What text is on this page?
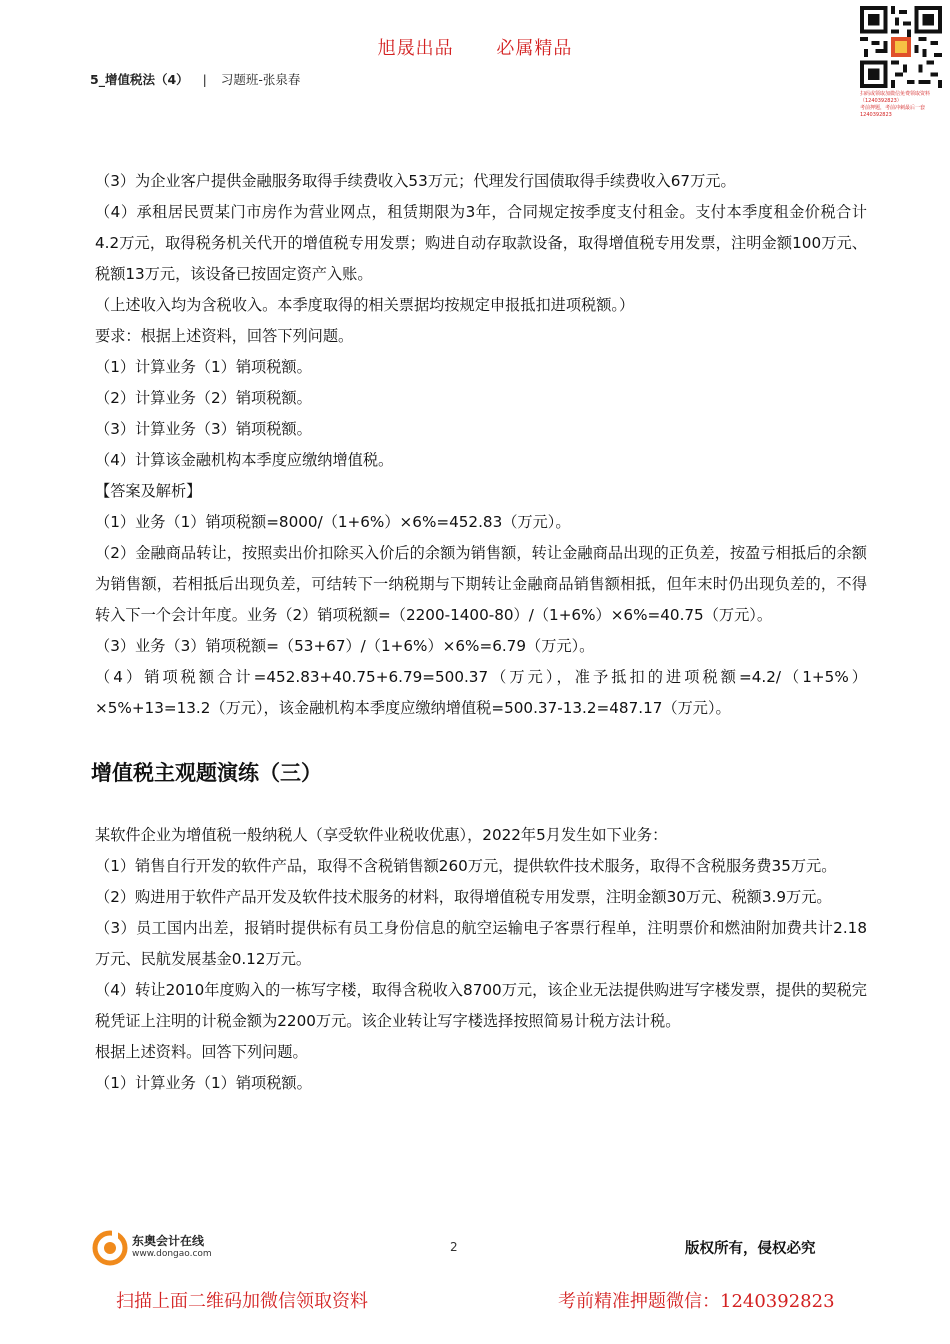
旭晟出品 必属精品
5_增值税法（4） | 习题班-张泉春
扫码或领取加微信免费领取资料（1240392823）
考前押题，考前冲刺最后一套 1240392823

（3）为企业客户提供金融服务取得手续费收入53万元；代理发行国债取得手续费收入67万元。

（4）承租居民贾某门市房作为营业网点，租赁期限为3年，合同规定按季度支付租金。支付本季度租金价税合计4.2万元，取得税务机关代开的增值税专用发票；购进自动存取款设备，取得增值税专用发票，注明金额100万元、税额13万元，该设备已按固定资产入账。

（上述收入均为含税收入。本季度取得的相关票据均按规定申报抵扣进项税额。）

要求：根据上述资料，回答下列问题。

（1）计算业务（1）销项税额。

（2）计算业务（2）销项税额。

（3）计算业务（3）销项税额。

（4）计算该金融机构本季度应缴纳增值税。

【答案及解析】

（1）业务（1）销项税额=8000/（1+6%）×6%=452.83（万元）。

（2）金融商品转让，按照卖出价扣除买入价后的余额为销售额，转让金融商品出现的正负差，按盈亏相抵后的余额为销售额，若相抵后出现负差，可结转下一纳税期与下期转让金融商品销售额相抵，但年末时仍出现负差的，不得转入下一个会计年度。业务（2）销项税额=（2200-1400-80）/（1+6%）×6%=40.75（万元）。

（3）业务（3）销项税额=（53+67）/（1+6%）×6%=6.79（万元）。

（4）销项税额合计=452.83+40.75+6.79=500.37（万元），准予抵扣的进项税额=4.2/（1+5%）×5%+13=13.2（万元），该金融机构本季度应缴纳增值税=500.37-13.2=487.17（万元）。

增值税主观题演练（三）

某软件企业为增值税一般纳税人（享受软件业税收优惠），2022年5月发生如下业务：

（1）销售自行开发的软件产品，取得不含税销售额260万元，提供软件技术服务，取得不含税服务费35万元。

（2）购进用于软件产品开发及软件技术服务的材料，取得增值税专用发票，注明金额30万元、税额3.9万元。

（3）员工国内出差，报销时提供标有员工身份信息的航空运输电子客票行程单，注明票价和燃油附加费共计2.18万元、民航发展基金0.12万元。

（4）转让2010年度购入的一栋写字楼，取得含税收入8700万元，该企业无法提供购进写字楼发票，提供的契税完税凭证上注明的计税金额为2200万元。该企业转让写字楼选择按照简易计税方法计税。

根据上述资料。回答下列问题。

（1）计算业务（1）销项税额。

东奥会计在线
www.dongao.com	2	版权所有，侵权必究
扫描上面二维码加微信领取资料	考前精准押题微信：1240392823
